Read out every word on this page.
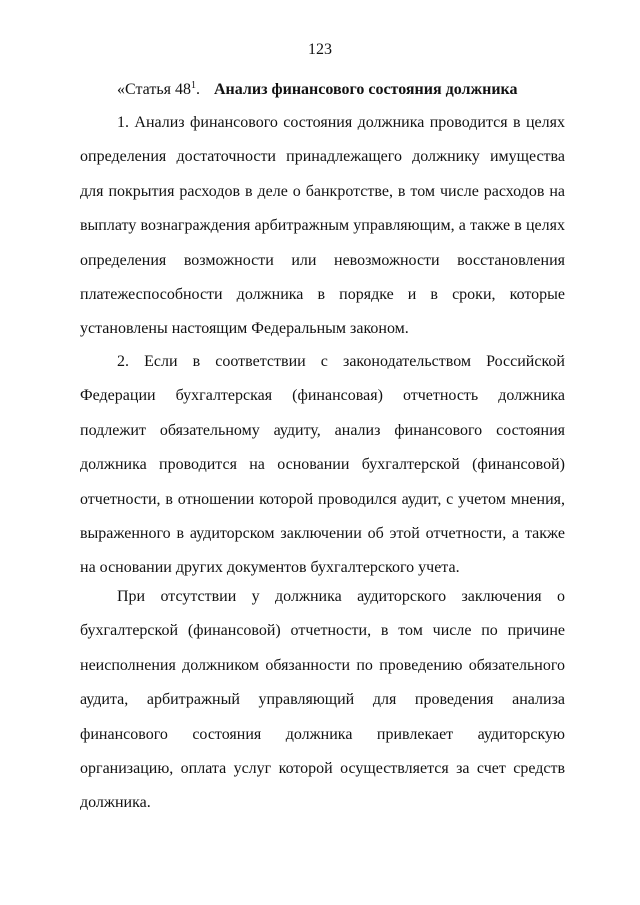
123
«Статья $48^1$. Анализ финансового состояния должника

1. Анализ финансового состояния должника проводится в целях определения достаточности принадлежащего должнику имущества для покрытия расходов в деле о банкротстве, в том числе расходов на выплату вознаграждения арбитражным управляющим, а также в целях определения возможности или невозможности восстановления платежеспособности должника в порядке и в сроки, которые установлены настоящим Федеральным законом.

2. Если в соответствии с законодательством Российской Федерации бухгалтерская (финансовая) отчетность должника подлежит обязательному аудиту, анализ финансового состояния должника проводится на основании бухгалтерской (финансовой) отчетности, в отношении которой проводился аудит, с учетом мнения, выраженного в аудиторском заключении об этой отчетности, а также на основании других документов бухгалтерского учета.

При отсутствии у должника аудиторского заключения о бухгалтерской (финансовой) отчетности, в том числе по причине неисполнения должником обязанности по проведению обязательного аудита, арбитражный управляющий для проведения анализа финансового состояния должника привлекает аудиторскую организацию, оплата услуг которой осуществляется за счет средств должника.
